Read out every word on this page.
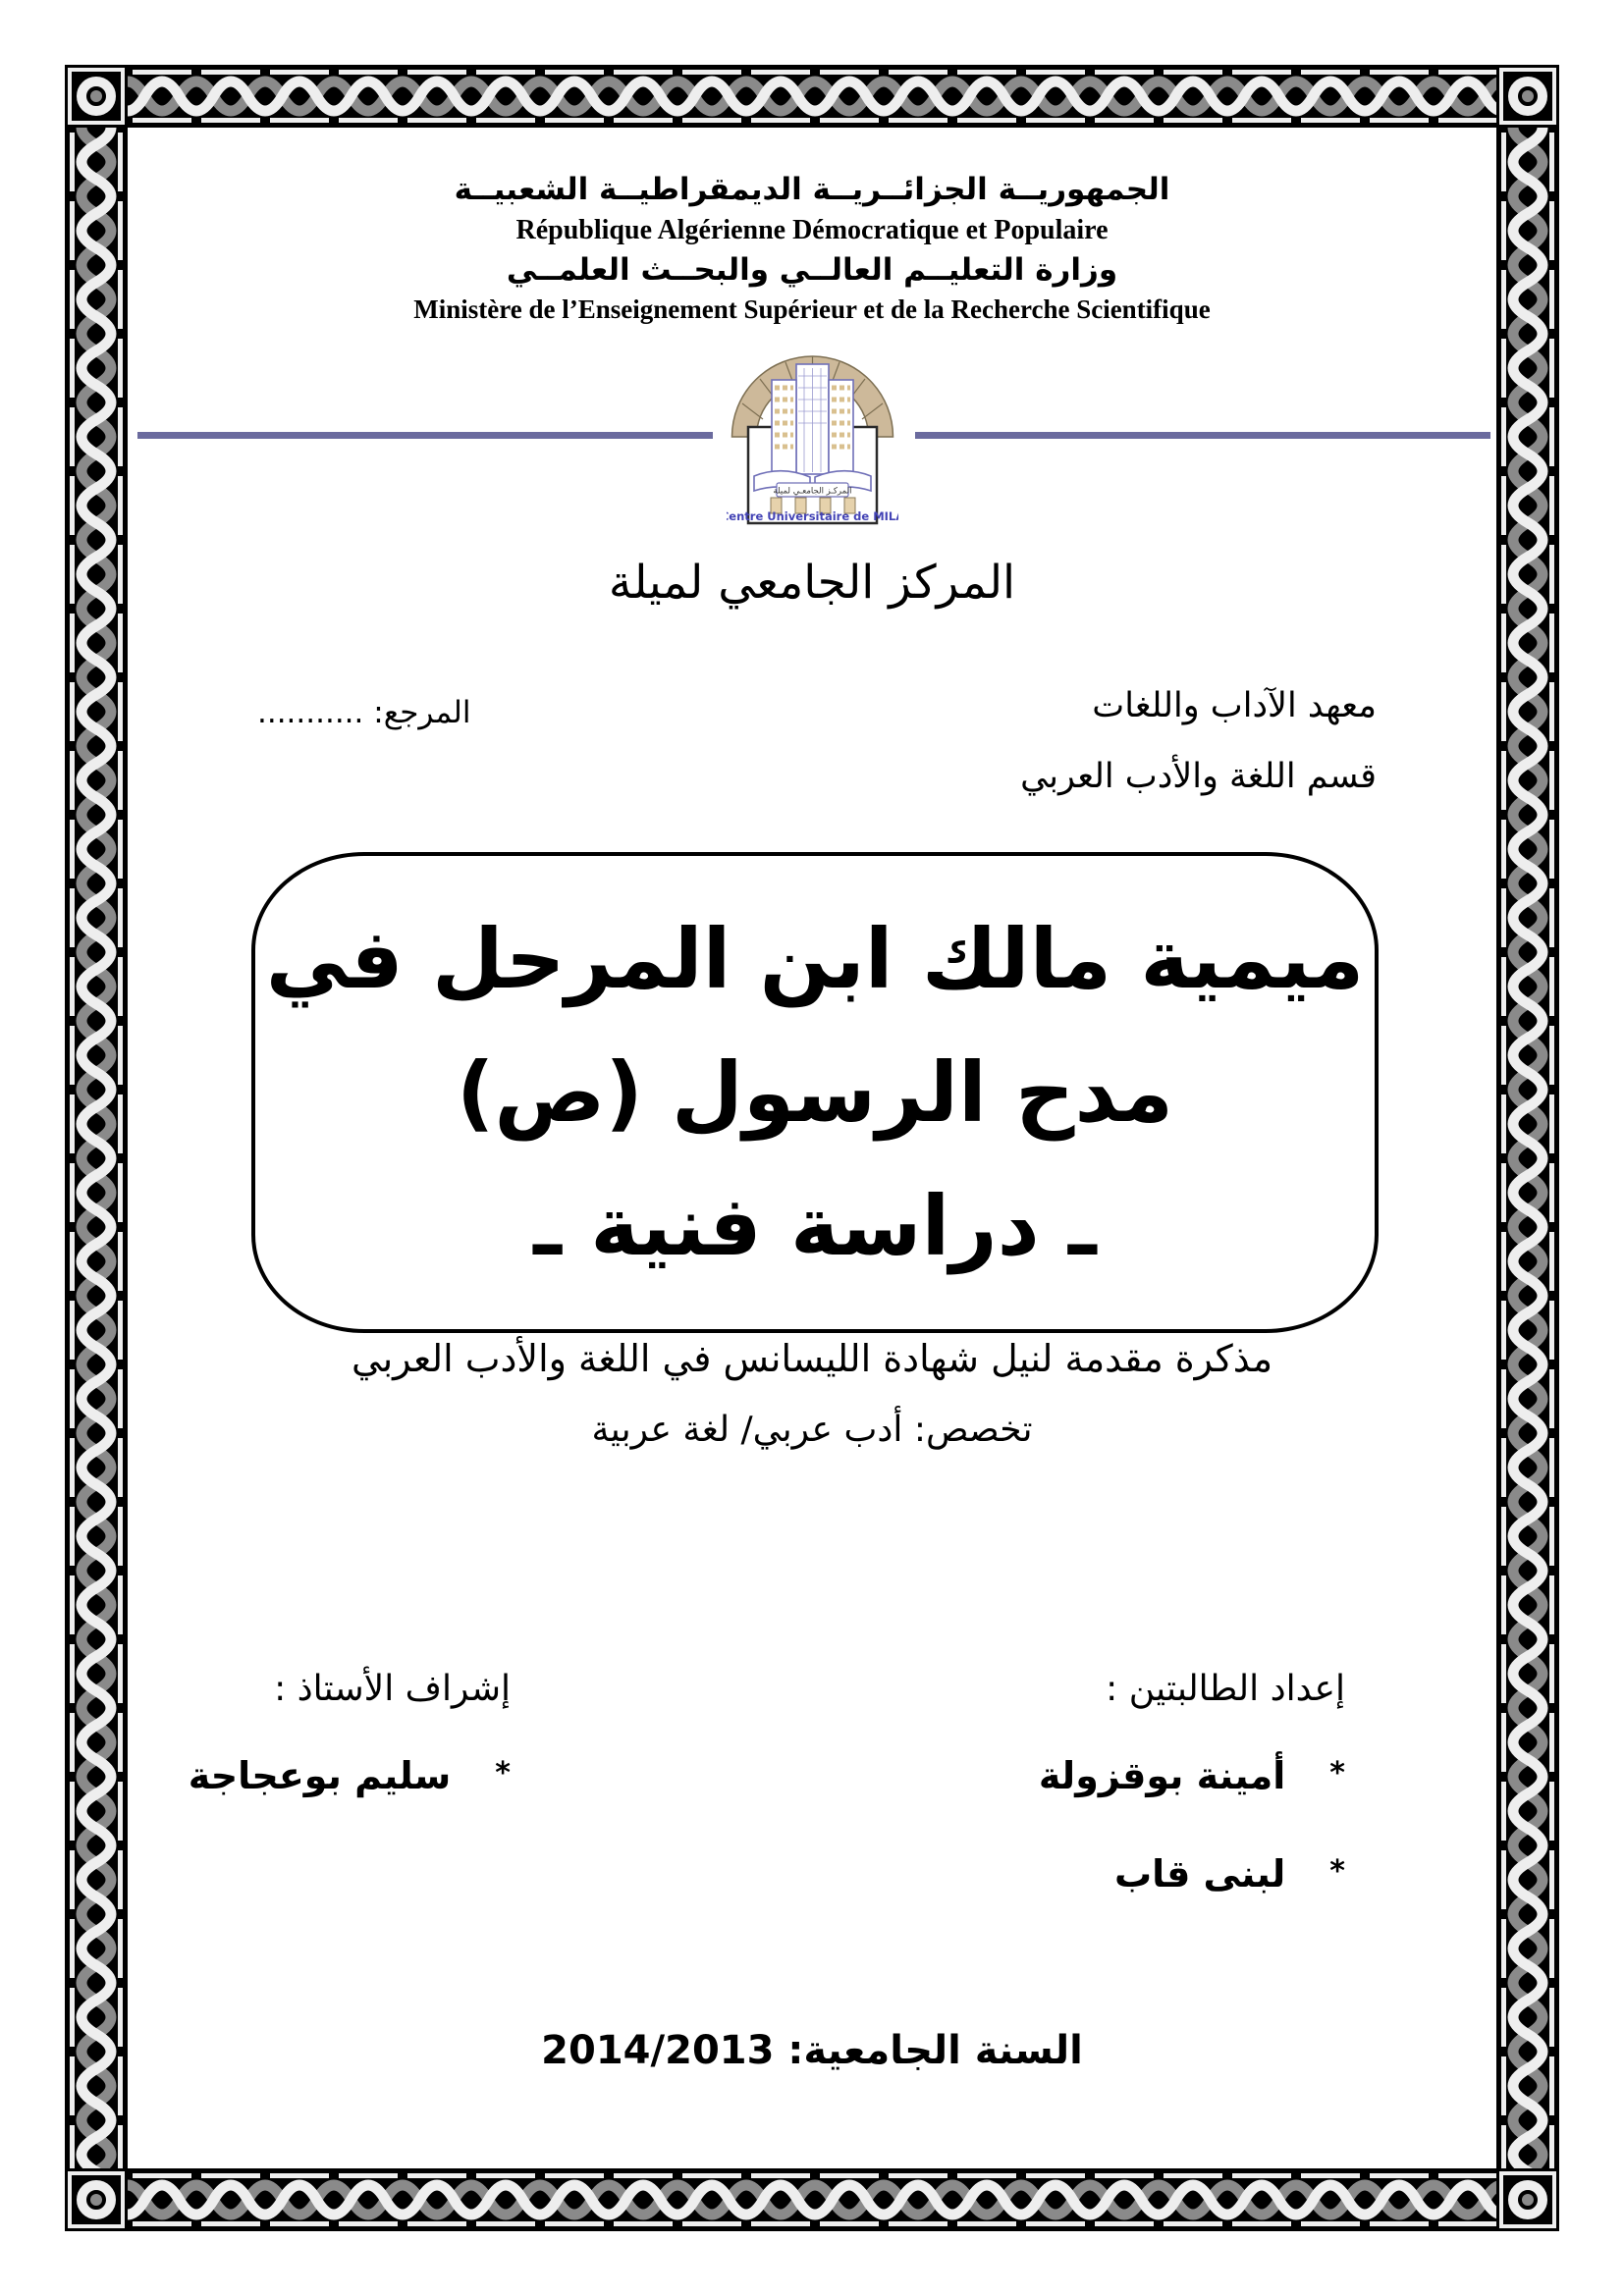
الجمهوريــة الجزائــريــة الديمقراطيــة الشعبيــة
République Algérienne Démocratique et Populaire
وزارة التعليــم العالــي والبحــث العلمــي
Ministère de l’Enseignement Supérieur et de la Recherche Scientifique
المركـز الجامعـي لميلة
Centre Universitaire de MILA
المركز الجامعي لميلة
معهد الآداب واللغات
قسم اللغة والأدب العربي
المرجع: ...........
ميمية مالك ابن المرحل في
مدح الرسول (ص)
ـ دراسة فنية ـ
مذكرة مقدمة لنيل شهادة الليسانس في اللغة والأدب العربي
تخصص: أدب عربي/ لغة عربية
إعداد الطالبتين :
*أمينة بوقزولة
*لبنى قاب
إشراف الأستاذ :
*سليم بوعجاجة
السنة الجامعية: 2014/2013
